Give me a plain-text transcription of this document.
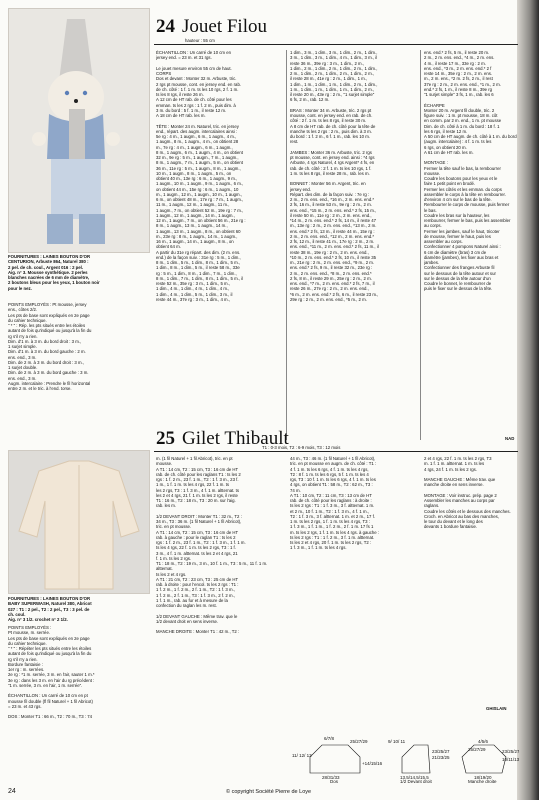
24 Jouet Filou
hauteur : 55 cm
FOURNITURES : LAINES BOUTON D'OR
CENTURION, Arbuste 864, Naturel 380 :
2 pel. de ch. coul., Argent 016 : 2 pel.
Aig. n° 3. Mousse synthétique. 2 perles
blanches nacrées de 6 mm de diamètre,
2 boutons bleus pour les yeux, 1 bouton noir
pour le nez.
POINTS EMPLOYÉS : Pt mousse, jersey
ens., côtes 2/2.
Les pts de base sont expliqués en 2e page
du cahier technique.
" * " : Rép. les pts situés entre les étoiles
autant de fois qu'indiqué ou jusqu'à la fin du
rg s'il n'y a rien.
Dim. d'1 m. à 3 m. du bord droit : 3 m.,
1 surjet simple.
Dim. d'1 m. à 3 m. du bord gauche : 2 m.
ens. end., 3 m.
Dim. de 2 m. à 3 m. du bord droit : 3 m.,
1 surjet double.
Dim. de 2 m. à 3 m. du bord gauche : 3 m.
ens. end., 3 m.
Augm. intercalaire : Prendre le fil horizontal
entre 2 m. et le tric. à l'end. torse.
ÉCHANTILLON : Un carré de 10 cm en
jersey end. = 23 m. et 31 rgs.

Le jouet mesure environ 55 cm de haut.
CORPS
Dos et devant : Monter 32 m. Arbuste, tric.
2 rgs pt mousse, cont. en jersey end. en rab.
de ch. côté : 1 f. 1 m. ts les 10 rgs, 2 f. 1 m.
ts les 8 rgs, il reste 26 m.
A 12 cm de HT rab. de ch. côté pour les
emman. ts les 2 rgs : 1 f. 2 m., puis dim. à
3 m. du bord : 5 f. 1 m., il reste 12 m.
A 18 cm de HT rab. les m.

TÊTE : Monter 24 m. Naturel, tric. en jersey
end., répart. des augm. intercalaires ainsi :
5e rg : 4 m., 1 augm., 6 m., 1 augm., 4 m.,
1 augm., 8 m., 1 augm., 4 m., on obtient 28
m., 7e rg : 4 m., 1 augm., 6 m., 1 augm.,
8 m., 1 augm., 6 m., 1 augm., 4 m., on obtient
32 m., 9e rg : 5 m., 1 augm., 7 m., 1 augm.,
8 m., 1 augm., 7 m., 1 augm., 5 m., on obtient
36 m., 11e rg : 5 m., 1 augm., 8 m., 1 augm.,
10 m., 1 augm., 8 m., 1 augm., 5 m., on
obtient 40 m., 13e rg : 6 m., 1 augm., 9 m.,
1 augm., 10 m., 1 augm., 9 m., 1 augm., 6 m.,
on obtient 44 m., 15e rg : 6 m., 1 augm., 10
m., 1 augm., 12 m., 1 augm., 10 m., 1 augm.,
6 m., on obtient 48 m., 17e rg : 7 m., 1 augm.,
11 m., 1 augm., 12 m., 1 augm., 11 m.,
1 augm., 7 m., on obtient 52 m., 19e rg : 7 m.,
1 augm., 12 m., 1 augm., 14 m., 1 augm.,
12 m., 1 augm., 7 m., on obtient 56 m., 21e rg :
8 m., 1 augm., 13 m., 1 augm., 14 m.,
1 augm., 13 m., 1 augm., 8 m., on obtient 60
m., 23e rg : 8 m., 1 augm., 14 m., 1 augm.,
16 m., 1 augm., 14 m., 1 augm., 8 m., on
obtient 64 m.
A partir du 31e rg répart. des dim. (2 m. ens.
end.) de la façon suiv. : 31e rg : 5 m., 1 dim.,
8 m., 1 dim., 5 m., 1 dim., 8 m., 1 dim., 5 m.,
1 dim., 8 m., 1 dim., 5 m., il reste 58 m., 33e
rg : 5 m., 1 dim., 8 m., 1 dim., 7 m., 1 dim.,
8 m., 1 dim., 7 m., 1 dim., 8 m., 1 dim., 5 m., il
reste 52 m., 35e rg : 3 m., 1 dim., 5 m.,
1 dim., 4 m., 1 dim., 4 m., 1 dim., 4 m.,
1 dim., 4 m., 1 dim., 5 m., 1 dim., 3 m., il
reste 44 m., 37e rg : 3 m., 1 dim., 4 m.,
1 dim., 3 m., 1 dim., 3 m., 1 dim., 2 m., 1 dim.,
3 m., 1 dim., 3 m., 1 dim., 4 m., 1 dim., 3 m., il
reste 36 m., 39e rg : 3 m., 1 dim., 2 m.,
1 dim., 2 m., 1 dim., 2 m., 1 dim., 2 m., 1 dim.,
2 m., 1 dim., 2 m., 1 dim., 2 m., 1 dim., 2 m.,
il reste 28 m., 41e rg : 2 m., 1 dim., 1 m.,
1 dim., 1 m., 1 dim., 1 m., 1 dim., 2 m., 1 dim.,
1 m., 1 dim., 1 m., 1 dim., 1 m., 1 dim., 2 m.,
il reste 20 m., 43e rg : 2 m., "1 surjet simple"
6 fs, 2 m., rab. 12 m.

BRAS : Monter 34 m. Arbuste, tric. 2 rgs pt
mousse, cont. en jersey end. en rab. de ch.
côté : 2 f. 1 m. ts les 8 rgs, il reste 30 m.
A 8 cm de HT rab. de ch. côté pour la tête de
manche ts les 2 rgs : 2 m., puis dim. à 3 m.
du bord : 1 f. 2 m., 6 f. 1 m., rab. les 10 m.
rest.

JAMBES : Monter 36 m. Arbuste, tric. 2 rgs
pt mousse, cont. en jersey end. ainsi : *4 rgs
Arbuste, 4 rgs Naturel, 4 rgs Argent* 4 fs, en
rab. de ch. côté : 2 f. 1 m. ts les 10 rgs, 1 f.
1 m. ts les 8 rgs, il reste 28 m., rab. les m.

BONNET : Monter 56 m. Argent, tric. en
jersey end.
Répart. des dim. de la façon suiv. : 7e rg :
2 m., 2 m. ens. end., *16 m., 2 m. ens. end.*
2 fs, 16 m., il reste 53 m., 9e rg : 2 m., 2 m.
ens. end., *15 m., 2 m. ens. end.* 2 fs, 15 m.,
il reste 50 m., 11e rg : 2 m., 2 m. ens. end.,
*14 m., 2 m. ens. end.* 2 fs, 14 m., il reste 47
m., 13e rg : 2 m., 2 m. ens. end., *13 m., 2 m.
ens. end.* 2 fs, 13 m., il reste 44 m., 15e rg :
2 m., 2 m. ens. end., *12 m., 2 m. ens. end.*
2 fs, 12 m., il reste 41 m., 17e rg : 2 m., 2 m.
ens. end., *11 m., 2 m. ens. end.* 2 fs, 11 m., il
reste 38 m., 19e rg : 2 m., 2 m. ens. end.,
*10 m., 2 m. ens. end.* 2 fs, 10 m., il reste 35
m., 21e rg : 2 m., 2 m. ens. end., *9 m., 2 m.
ens. end.* 2 fs, 9 m., il reste 32 m., 23e rg :
2 m., 2 m. ens. end., *8 m., 2 m. ens. end.*
2 fs, 8 m., il reste 29 m., 25e rg : 2 m., 2 m.
ens. end., *7 m., 2 m. ens. end.* 2 fs, 7 m., il
reste 26 m., 27e rg : 2 m., 2 m. ens. end.,
*6 m., 2 m. ens. end.* 2 fs, 6 m., il reste 23 m.,
29e rg : 2 m., 2 m. ens. end., *5 m., 2 m.
ens. end.* 2 fs, 5 m., il reste 20 m.
2 m., 2 m. ens. end., *4 m., 2 m. ens.
4 m., il reste 17 m., 33e rg : 2 m.
ens. end., *3 m., 2 m. ens. end.* 2 f
reste 14 m., 35e rg : 2 m., 2 m. ens.
m., 2 m. ens., *2 m. 2 fs, 2 m., il rest
37e rg : 2 m., 2 m. ens. end., *1 m., 2 m.
end.* 2 fs, 1 m., il reste 8 m., 39e rg
"1 surjet simple" 3 fs, 1 m., rab. les 6

ÉCHARPE
Monter 20 m. Argent fil double, tric. 2
figure suiv. : 1 m. pt mousse, 18 m. côt
en comm. par 2 m. end., 1 m. pt mousse
Dim. de ch. côté à 1 m. du bord : 18 f. 1
les 6 rgs, il reste 12 m.
A 50 cm de HT augm. de ch. côté à 1 m. du bord
(augm. intercalaire) : 4 f. 1 m. ts les
6 rgs, on obtient 20 m.
A 61 cm de HT rab. les m.

MONTAGE :
Fermer la tête sauf le bas, la rembourrer
mousse.
Coudre les boutons pour les yeux et le
faire 1 petit point en brodé.
Fermer les côtés et les emman. du corps
assembler le corps à la tête en rembourrer.
d'environ 4 cm sur le bas de la tête.
Rembourrer le corps de mousse, puis fermer
le bas.
Coudre les bras sur la hauteur, les
rembourrer, fermer le bas, puis les assembler
au corps.
Fermer les jambes, sauf le haut, tricoter
de mousse, fermer le haut, puis les
assembler au corps.
Confectionner 4 pompons Naturel ainsi :
6 cm de diamètre (bras) 3 cm de
diamètre (jambes), les fixer aux bras et
jambes.
Confectionner des franges Arbuste fil
sur le dessous de la tête autour et sur
sur le dessus de la tête autour d'un
Coudre le bonnet, le rembourrer de
puis le fixer sur le dessus de la tête.
NAD
25 Gilet Thibault
T1 : 0-3 mois, T2 : 6-9 mois, T3 : 12 mois
FOURNITURES : LAINES BOUTON D'OR
BABY SUPERWASH, Naturel 380, Abricot
027 : T1 : 2 pel., T2 : 2 pel., T3 : 3 pel. de
ch. coul.
Aig. n° 3 1/2. crochet n° 2 1/2.
POINTS EMPLOYÉS :
Pt mousse, m. serrée.
Les pts de base sont expliqués en 2e page
du cahier technique.
" * " : Répéter les pts situés entre les étoiles
autant de fois qu'indiqué ou jusqu'à la fin du
rg s'il n'y a rien.
Bordure fantaisie :
1er rg : m. serrées.
2e rg : *1 m. serrée, 3 m. en l'air, sauter 1 m.*
3e rg : dans les 3 m. en l'air du rg précédent :
"1 m. serrée, 3 m. en l'air, 1 m. serrée".

ÉCHANTILLON : Un carré de 10 cm en pt
mousse fil double (fl fil Naturel + 1 fil Abricot)
= 23 m. et 43 rgs.

DOS : Monter T1 : 66 m., T2 : 70 m., T3 : 74
m. (1 fil Naturel + 1 fil Abricot), tric. en pt
mousse.
A T1 : 14 cm, T2 : 15 cm, T3 : 16 cm de HT
rab. de ch. côté pour les raglans T1 : ts les 2
rgs : 1 f. 2 m., 23 f. 1 m., T2 : 1 f. 3 m., 23 f.
1 m., 1 f. 1 m. ts les 4 rgs, 22 f. 1 m. ts
les 2 rgs, T3 : 1 f. 3 m., 4 f. 1 m. altternat. ts
les 2 et 4 rgs, 21 f. 1 m. ts les 2 rgs, il reste
T1 : 16 m., T2 : 18 m., T3 : 20 m. sur l'aig.
rab. les m.

1/2 DEVANT DROIT : Monter T1 : 32 m., T2 :
34 m., T3 : 36 m. (1 fil Naturel + 1 fil Abricot),
tric. en pt mousse.
A T1 : 14 cm, T2 : 15 cm, T3 : 16 cm de HT
rab. à gauche : pour le raglan T1 : ts les 2
rgs : 1 f. 2 m., 23 f. 1 m., T2 : 1 f. 3 m., 1 f. 1 m.
ts les 4 rgs, 22 f. 1 m. ts les 2 rgs, T3 : 1 f.
3 m., 4 f. 1 m. altternat. ts les 2 et 4 rgs, 21
f. 1 m. ts les 2 rgs.
T1 : 18 m., T2 : 19 m., 3 m., 10 f. 1 m., T3 : 5 m., 11 f. 1 m. altternat.
ts les 2 et 4 rgs.
A T1 : 21 cm, T2 : 23 cm, T3 : 25 cm de HT
rab. à droite : pour l'encol. ts les 2 rgs : T1 :
1 f. 2 m., 1 f. 2 m., 2 f. 1 m., T2 : 1 f. 3 m.,
1 f. 2 m., 2 f. 1 m., T3 : 1 f. 3 m., 2 f. 2 m.,
1 f. 1 m., rab. au fur et à mesure de la
confection du raglan les m. rest.

1/2 DEVANT GAUCHE : Même trav. que le
1/2 devant droit en sens inverse.

MANCHE DROITE : Monter T1 : 42 m., T2 :
44 m., T3 : 46 m. (1 fil Naturel + 1 fil Abricot),
tric. en pt mousse en augm. de ch. côté : T1 :
4 f. 1 m. ts les 6 rgs, 4 f. 1 m. ts les 4 rgs,
T2 : 8 f. 1 m. ts les 6 rgs, 5 f. 1 m. ts les 4
rgs, T3 : 10 f. 1 m. ts les 6 rgs, 4 f. 1 m. ts les
4 rgs, on obtient T1 : 58 m., T2 : 62 m., T3 :
74 m.
A T1 : 10 cm, T2 : 11 cm, T3 : 13 cm de HT
rab. de ch. côté pour les raglans : à droite :
ts les 2 rgs : T1 : 1 f. 3 m., 3 f. altternat. 1 m.
et 2 m., 10 f. 1 m., T2 : 1 f. 3 m., 4 f. 1 m.,
T2 : 1 f. 3 m., 3 f. altternat. 1 m. et 2 m., 17 f.
1 m. ts les 2 rgs, 1 f. 1 m. ts les 4 rgs, T3 :
1 f. 3 m., 1 f. 1 m., 1 f. 2 m., 2 f. 1 m. 17 fs 1
m. ts les 2 rgs, 1 f. 1 m. ts les 4 rgs. à gauche :
ts les 2 rgs : T1 : 1 f. 2 m., 3 f. 1 m. altternat.
ts les 2 et 4 rgs, 20 f. 1 m. ts les 2 rgs, T2 :
1 f. 3 m., 1 f. 1 m. ts les 4 rgs.
2 et 4 rgs, 22 f. 1 m. ts les 2 rgs, T3
m. 1 f. 1 m. altternat. 1 m. ts les
4 rgs, 24 f. 1 m. ts les 2 rgs.

MANCHE GAUCHE : Même trav. que
manche droite en sens inverse.

MONTAGE : Voir instruc. prép. page 2
Assembler les manches au corps par
raglans.
Coudre les côtés et le dessous des manches.
Croch. en Abricot au bas des manches,
le tour du devant et le long des
devants 1 bordure fantaisie.
GHISLAIN
6/7/8
25/27/29
11/ 12/ 13
+14/15/16
28/31/33
Dos
9/ 10/ 11
23/25/27
21/23/25
13,5/14,5/15,5
1/2 Devant droit
4/5/6
25/27/29	23/25/27
10/11/13
18/19/20
Manche droite
24	© copyright Société Pierre de Loye
